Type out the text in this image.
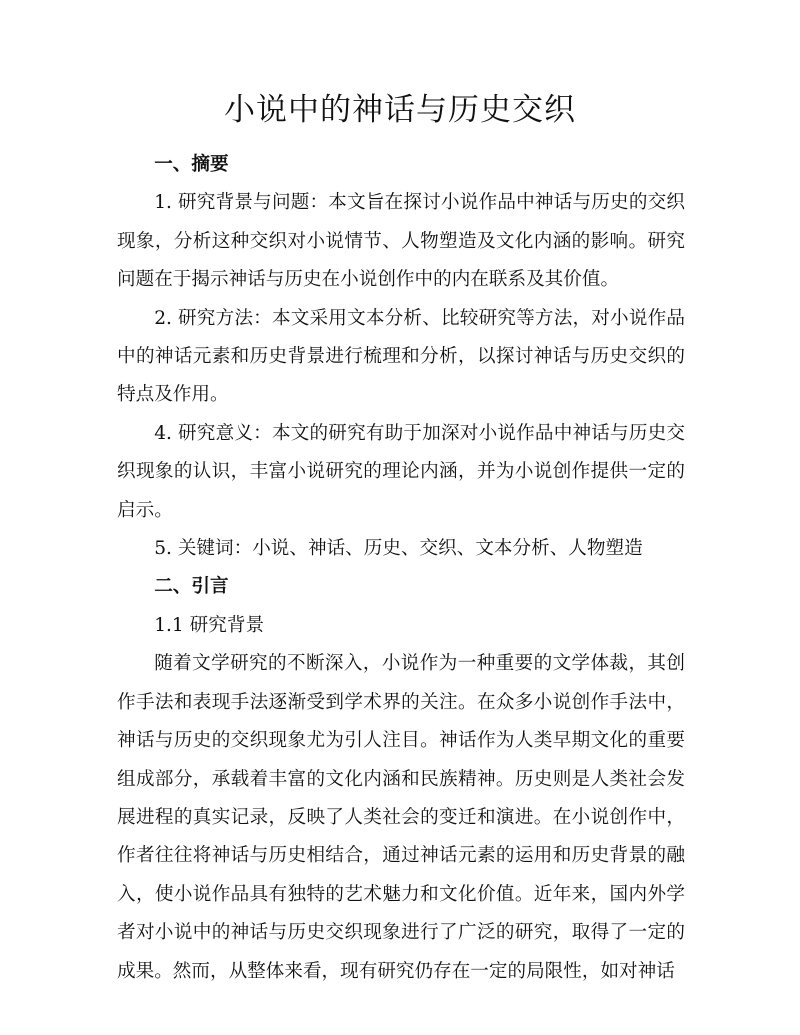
小说中的神话与历史交织
一、摘要

1. 研究背景与问题：本文旨在探讨小说作品中神话与历史的交织现象，分析这种交织对小说情节、人物塑造及文化内涵的影响。研究问题在于揭示神话与历史在小说创作中的内在联系及其价值。

2. 研究方法：本文采用文本分析、比较研究等方法，对小说作品中的神话元素和历史背景进行梳理和分析，以探讨神话与历史交织的特点及作用。

4. 研究意义：本文的研究有助于加深对小说作品中神话与历史交织现象的认识，丰富小说研究的理论内涵，并为小说创作提供一定的启示。

5. 关键词：小说、神话、历史、交织、文本分析、人物塑造

二、引言

1.1 研究背景

随着文学研究的不断深入，小说作为一种重要的文学体裁，其创作手法和表现手法逐渐受到学术界的关注。在众多小说创作手法中，神话与历史的交织现象尤为引人注目。神话作为人类早期文化的重要组成部分，承载着丰富的文化内涵和民族精神。历史则是人类社会发展进程的真实记录，反映了人类社会的变迁和演进。在小说创作中，作者往往将神话与历史相结合，通过神话元素的运用和历史背景的融入，使小说作品具有独特的艺术魅力和文化价值。近年来，国内外学者对小说中的神话与历史交织现象进行了广泛的研究，取得了一定的成果。然而，从整体来看，现有研究仍存在一定的局限性，如对神话
